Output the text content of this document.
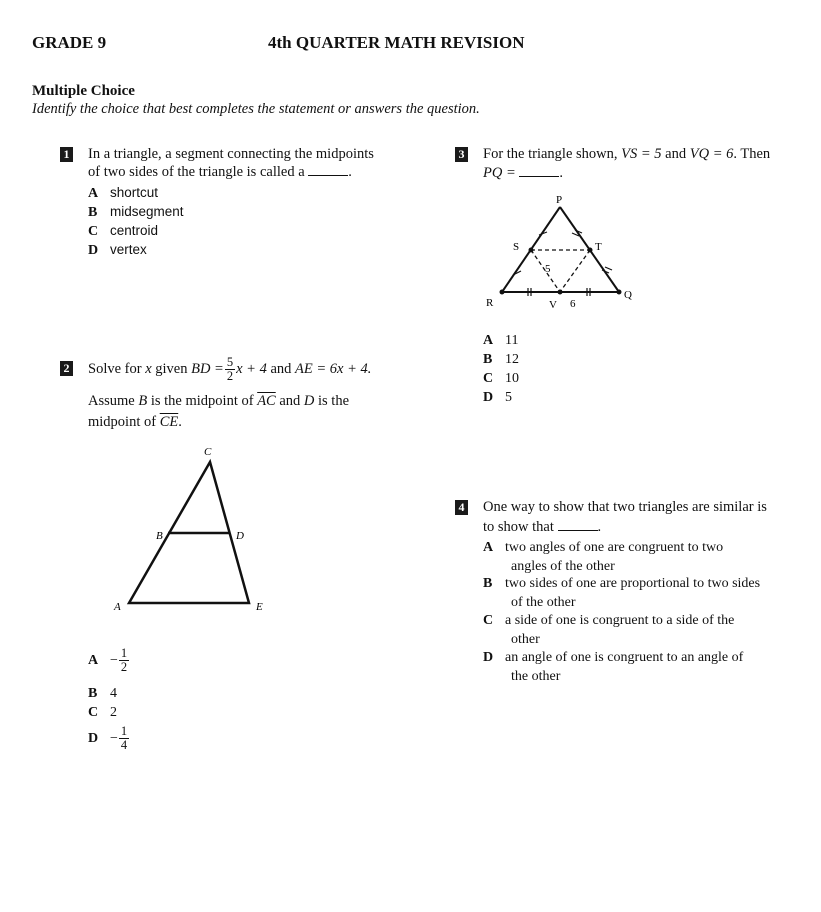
GRADE 9	4th QUARTER MATH REVISION
Multiple Choice
Identify the choice that best completes the statement or answers the question.
1 In a triangle, a segment connecting the midpoints
of two sides of the triangle is called a	.
A shortcut
B midsegment
C centroid
D vertex
2 Solve for
x
given
BD = $\frac{5}{2}$ x + 4
and
AE = 6x + 4.
Assume B is the midpoint of $\overline{AC}$ and D is the
midpoint of $\overline{CE}$.
C
B	D
A	E
$A - \frac{1}{2}$
B 4
C 2
$D - \frac{1}{4}$
3 For the triangle shown, VS = 5 and VQ = 6. Then
PQ =	.
P
S	T
5
R	V 6
Q
A 11
B 12
C 10
D 5
4 One way to show that two triangles are similar is
to show that	.
A two angles of one are congruent to two
angles of the other
B two sides of one are proportional to two sides
of the other
C a side of one is congruent to a side of the
other
D an angle of one is congruent to an angle of
the other
